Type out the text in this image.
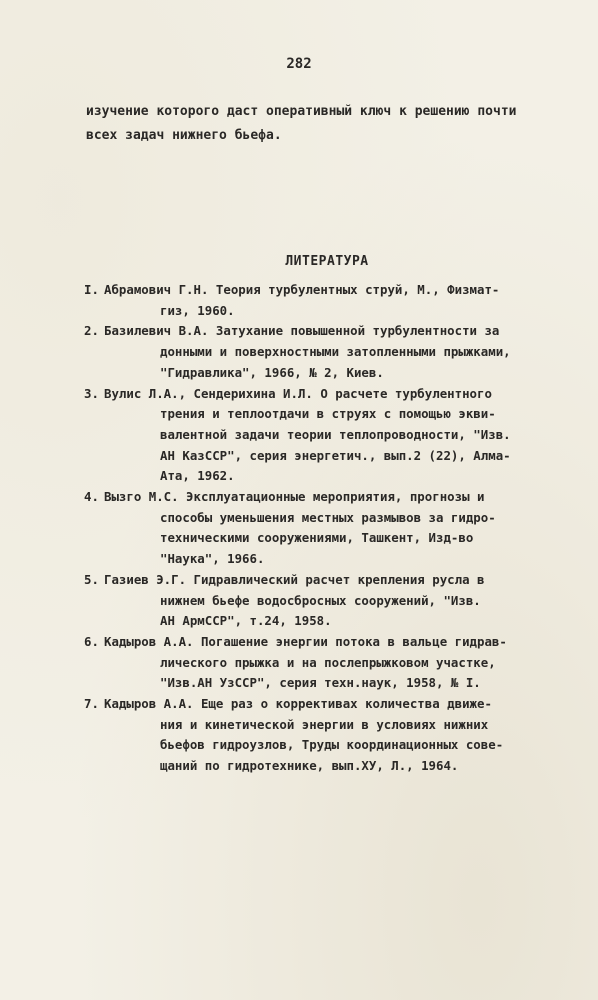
282
изучение которого даст оперативный ключ к решению почти
всех задач нижнего бьефа.
ЛИТЕРАТУРА
I. Абрамович Г.Н. Теория турбулентных струй, М., Физмат-
гиз, 1960.
2. Базилевич В.А. Затухание повышенной турбулентности за
донными и поверхностными затопленными прыжками,
"Гидравлика", 1966, № 2, Киев.
3. Вулис Л.А., Сендерихина И.Л. О расчете турбулентного
трения и теплоотдачи в струях с помощью экви-
валентной задачи теории теплопроводности, "Изв.
АН КазССР", серия энергетич., вып.2 (22), Алма-
Ата, 1962.
4. Вызго М.С. Эксплуатационные мероприятия, прогнозы и
способы уменьшения местных размывов за гидро-
техническими сооружениями, Ташкент, Изд-во
"Наука", 1966.
5. Газиев Э.Г. Гидравлический расчет крепления русла в
нижнем бьефе водосбросных сооружений, "Изв.
АН АрмССР", т.24, 1958.
6. Кадыров А.А. Погашение энергии потока в вальце гидрав-
лического прыжка и на послепрыжковом участке,
"Изв.АН УзССР", серия техн.наук, 1958, № I.
7. Кадыров А.А. Еще раз о коррективах количества движе-
ния и кинетической энергии в условиях нижних
бьефов гидроузлов, Труды координационных сове-
щаний по гидротехнике, вып.ХУ, Л., 1964.
